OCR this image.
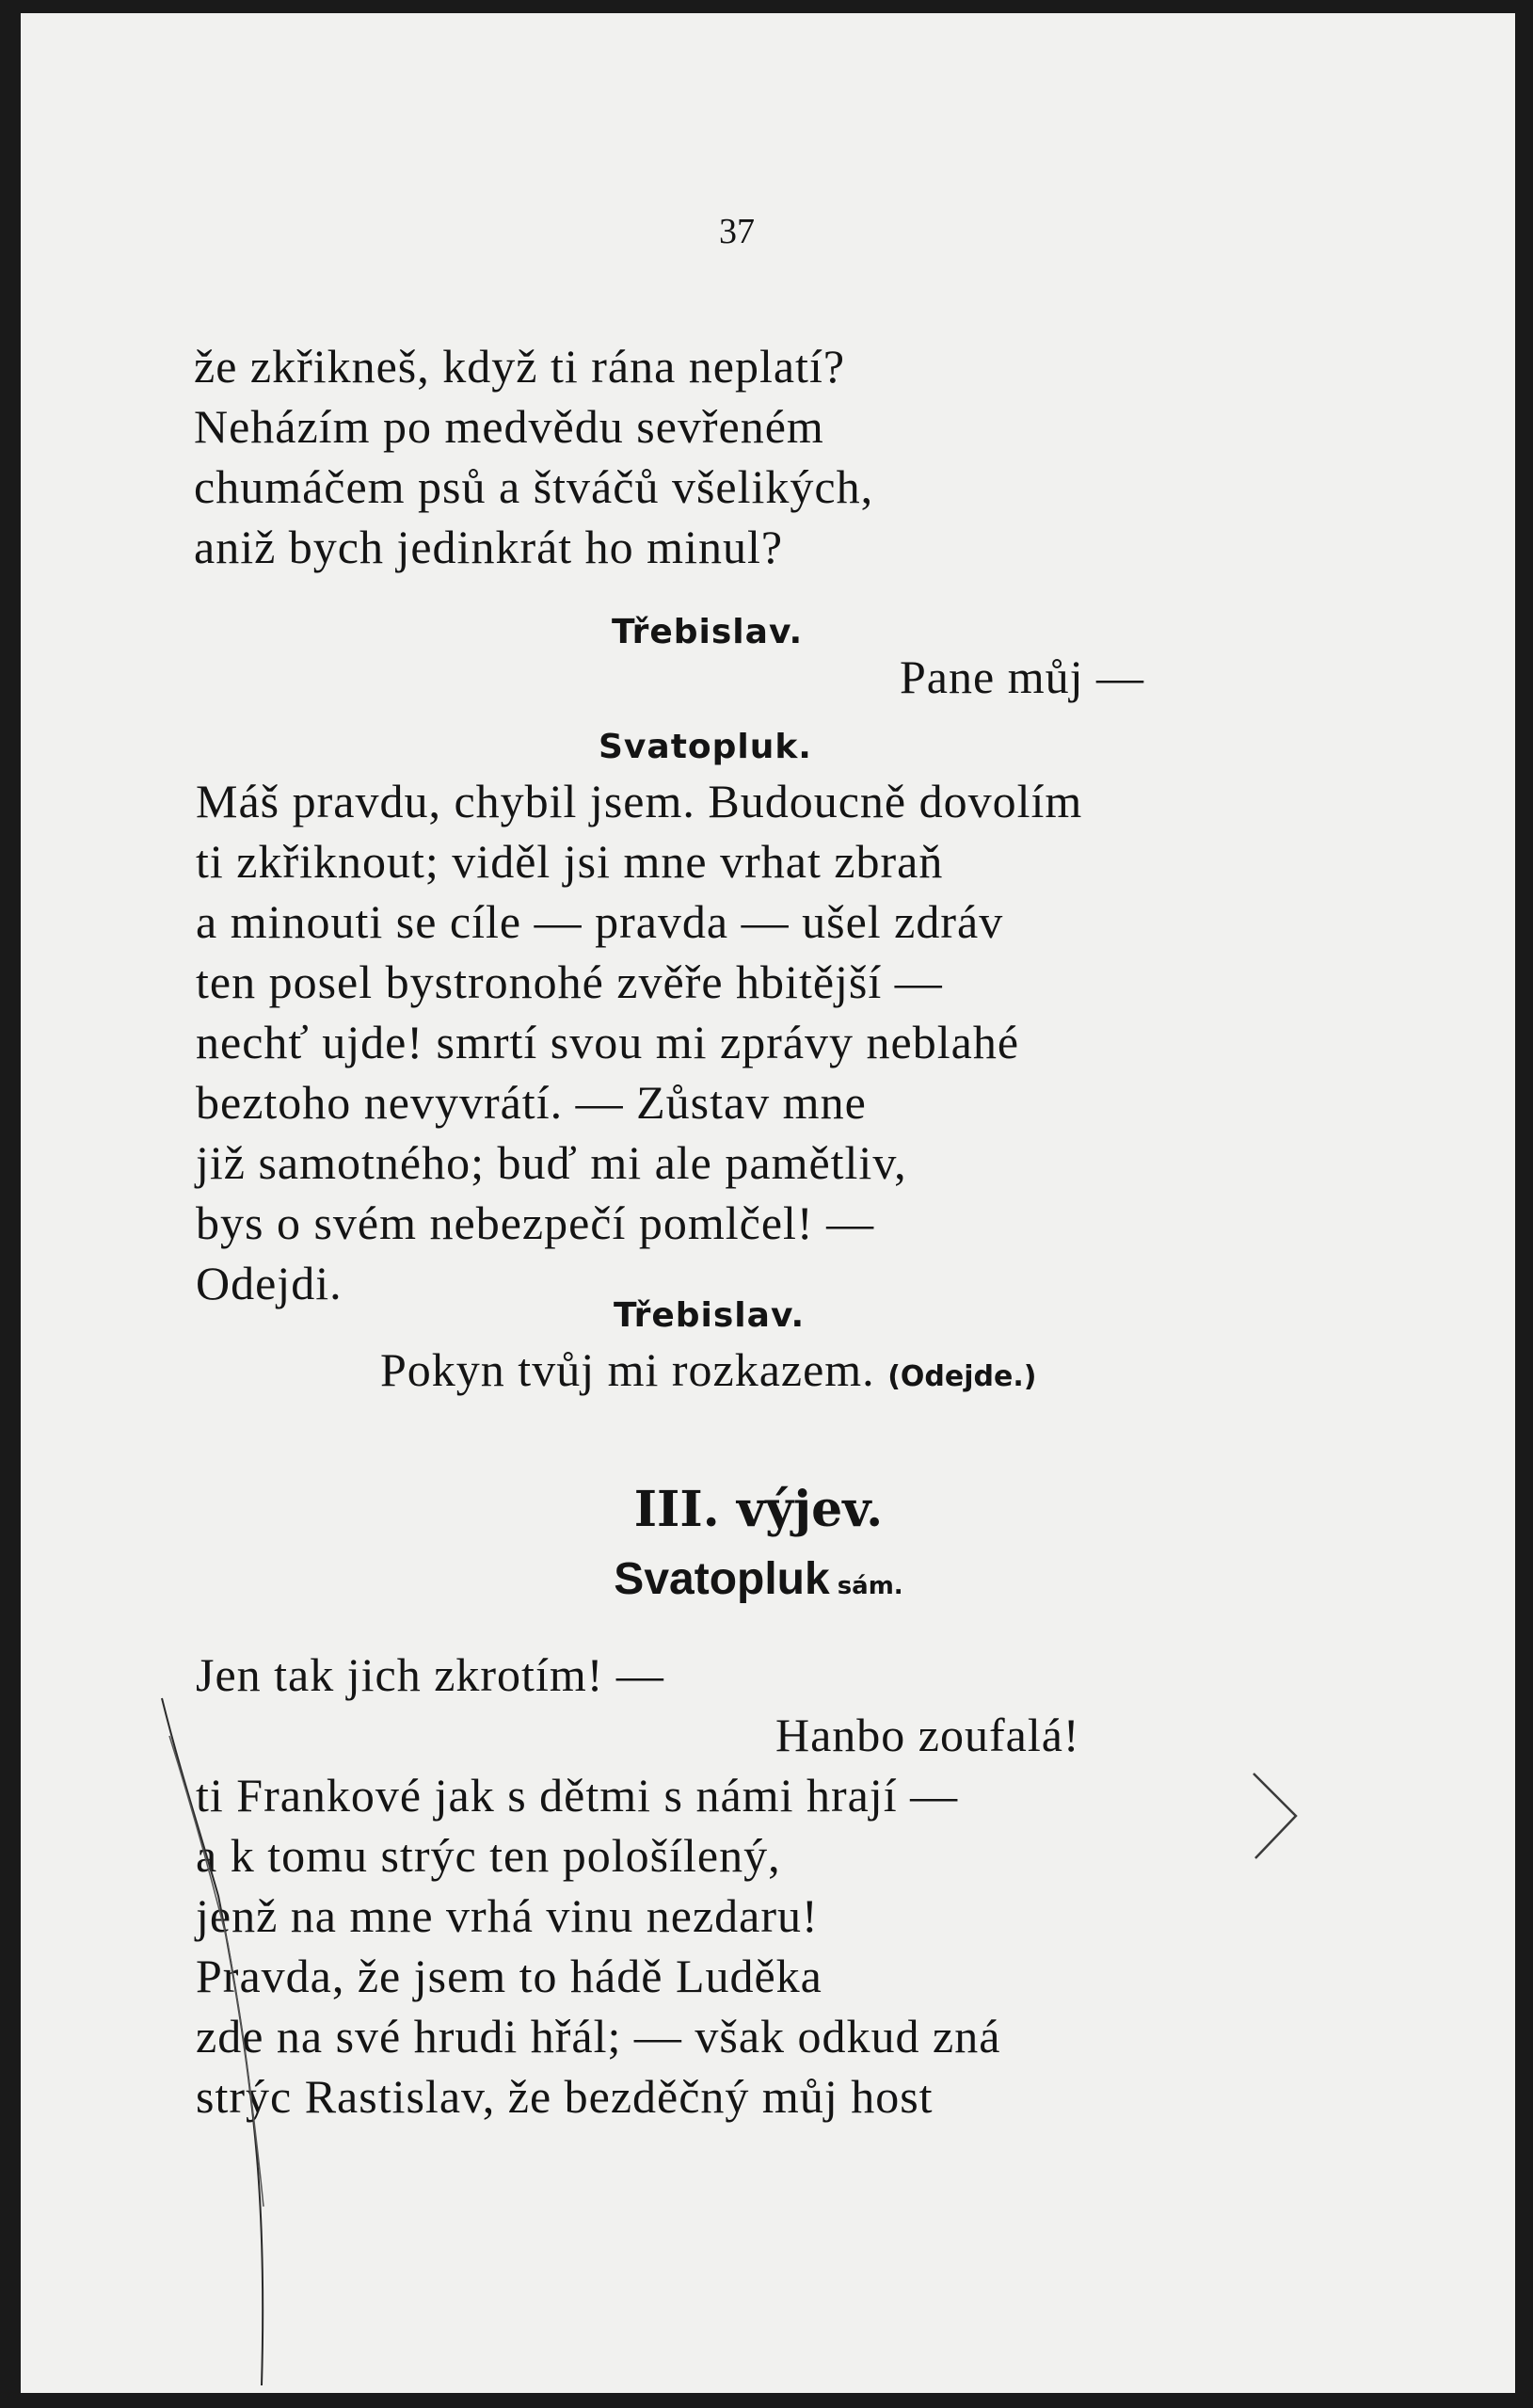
37
že zkřikneš, když ti rána neplatí?
Neházím po medvědu sevřeném
chumáčem psů a štváčů všelikých,
aniž bych jedinkrát ho minul?
Třebislav.
Pane můj —
Svatopluk.
Máš pravdu, chybil jsem. Budoucně dovolím
ti zkřiknout; viděl jsi mne vrhat zbraň
a minouti se cíle — pravda — ušel zdráv
ten posel bystronohé zvěře hbitější —
nechť ujde! smrtí svou mi zprávy neblahé
beztoho nevyvrátí. — Zůstav mne
již samotného; buď mi ale pamětliv,
bys o svém nebezpečí pomlčel! —
Odejdi.
Třebislav.
Pokyn tvůj mi rozkazem. (Odejde.)
III. výjev.
Svatopluk sám.
Jen tak jich zkrotím! —
Hanbo zoufalá!
ti Frankové jak s dětmi s námi hrají —
a k tomu strýc ten pološílený,
jenž na mne vrhá vinu nezdaru!
Pravda, že jsem to hádě Luděka
zde na své hrudi hřál; — však odkud zná
strýc Rastislav, že bezděčný můj host
